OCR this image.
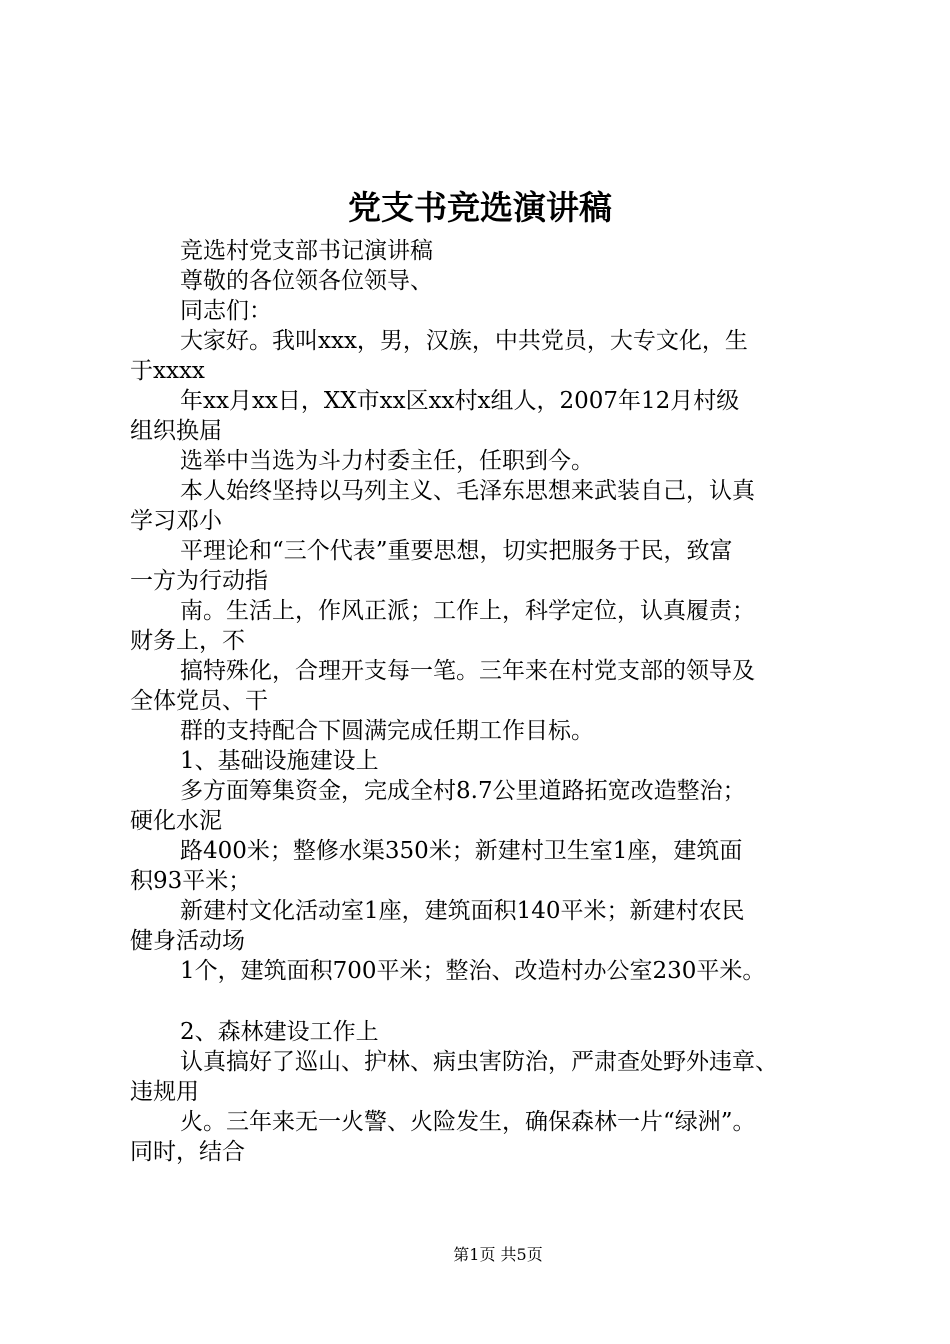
党支书竞选演讲稿
竞选村党支部书记演讲稿
尊敬的各位领各位领导、
同志们：
大家好。我叫xxx，男，汉族，中共党员，大专文化，生
于xxxx
年xx月xx日，XX市xx区xx村x组人，2007年12月村级
组织换届
选举中当选为斗力村委主任，任职到今。
本人始终坚持以马列主义、毛泽东思想来武装自己，认真
学习邓小
平理论和“三个代表”重要思想，切实把服务于民，致富
一方为行动指
南。生活上，作风正派；工作上，科学定位，认真履责；
财务上，不
搞特殊化，合理开支每一笔。三年来在村党支部的领导及
全体党员、干
群的支持配合下圆满完成任期工作目标。
1、基础设施建设上
多方面筹集资金，完成全村8.7公里道路拓宽改造整治；
硬化水泥
路400米；整修水渠350米；新建村卫生室1座，建筑面
积93平米；
新建村文化活动室1座，建筑面积140平米；新建村农民
健身活动场
1个，建筑面积700平米；整治、改造村办公室230平米。
2、森林建设工作上
认真搞好了巡山、护林、病虫害防治，严肃查处野外违章、
违规用
火。三年来无一火警、火险发生，确保森林一片“绿洲”。
同时，结合
第1页 共5页
